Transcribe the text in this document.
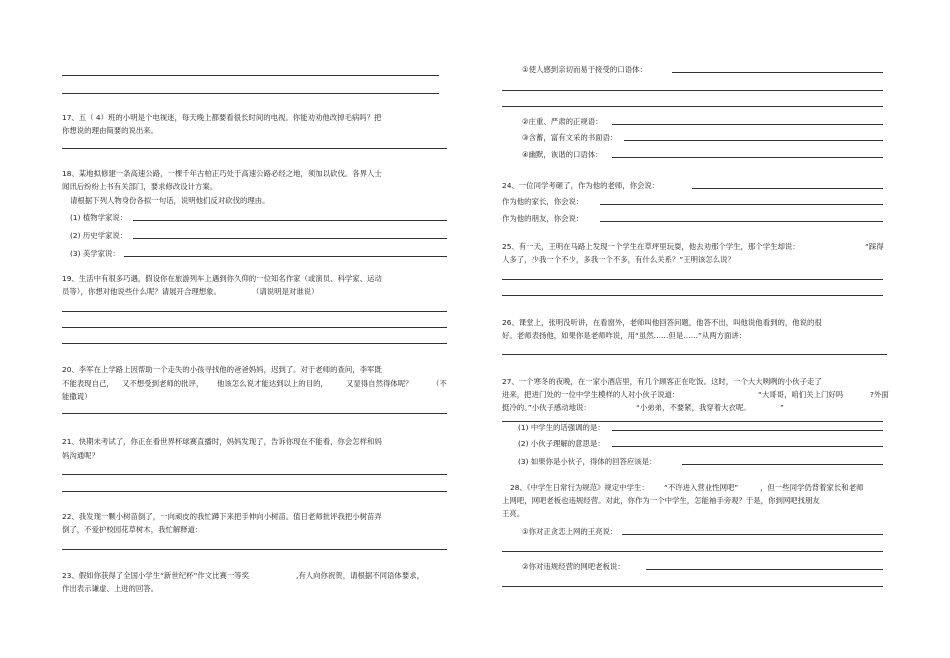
17、五（ 4）班的小明是个电视迷，每天晚上都要看很长时间的电视。你能劝劝他改掉毛病吗？把
你想说的理由简要的说出来。
18、某地拟修建一条高速公路，一棵千年古柏正巧处于高速公路必经之地，须加以砍伐。各界人士
闻讯后纷纷上书有关部门，要求修改设计方案。
请根据下列人物身份各拟一句话，说明他们反对砍伐的理由。
(1) 植物学家说：
(2) 历史学家说：
(3) 美学家说：
19、生活中有很多巧遇，假设你在旅游列车上遇到你久仰的一位知名作家（或演员、科学家、运动
员等），你想对他说些什么呢？请展开合理想象。	（请说明是对谁说）
20、李军在上学路上因帮助一个走失的小孩寻找他的爸爸妈妈，迟到了。对于老师的查问，李军既
不能表现自己， 又不想受到老师的批评， 他该怎么说才能达到以上的目的， 又显得自然得体呢？	（不
能撒谎）
21、快期末考试了，你正在看世界杯球赛直播时，妈妈发现了，告诉你现在不能看，你会怎样和妈
妈沟通呢？
22、我发现一颗小树苗倒了，一向顽皮的我忙蹲下来把手伸向小树苗。值日老师批评我把小树苗弄
倒了，不爱护校园花草树木，我忙解释道：
23、假如你获得了全国小学生“新世纪杯”作文比赛一等奖	,有人向你祝贺，请根据不同语体要求，
作出表示谦虚、上进的回答。
①使人感到亲切而易于接受的口语体：
②庄重、严肃的正规语：
③含蓄，富有文采的书面语：
④幽默，诙谐的口语体：
24、一位同学考砸了，作为他的老师，你会说：
作为他的家长，你会说：
作为他的朋友，你会说：
25、有一天，王明在马路上发现一个学生在草坪里玩耍，他去劝那个学生，那个学生却说：	“踩得
人多了，少我一个不少，多我一个不多，有什么关系？”王明该怎么说？
26、课堂上，张明没听讲，在看窗外，老师叫他回答问题，他答不出，叫他说他看到的，他说的很
好。老师表扬他，如果你是老师咋说，用“虽然……但是……”从两方面讲：
27、一个寒冬的夜晚，在一家小酒店里，有几个顾客正在吃饭。这时，一个大大咧咧的小伙子走了
进来，把进门处的一位中学生模样的人对小伙子说道：	“大哥哥，咱们关上门好吗	?外面
挺冷的。”小伙子感动地说：	“小弟弟，不要紧，我穿着大衣呢。	”
(1) 中学生的话强调的是：
(2) 小伙子理解的意思是：
(3) 如果你是小伙子，得体的回答应该是：
28、《中学生日常行为规范》规定中学生： “不许进入营业性网吧”	，但一些同学仍背着家长和老师
上网吧，网吧老板也违规经营。对此，你作为一个中学生，怎能袖手旁观？于是，你到网吧找朋友
王亮。
①你对正贪恋上网的王亮说：
②你对违规经营的网吧老板说：
